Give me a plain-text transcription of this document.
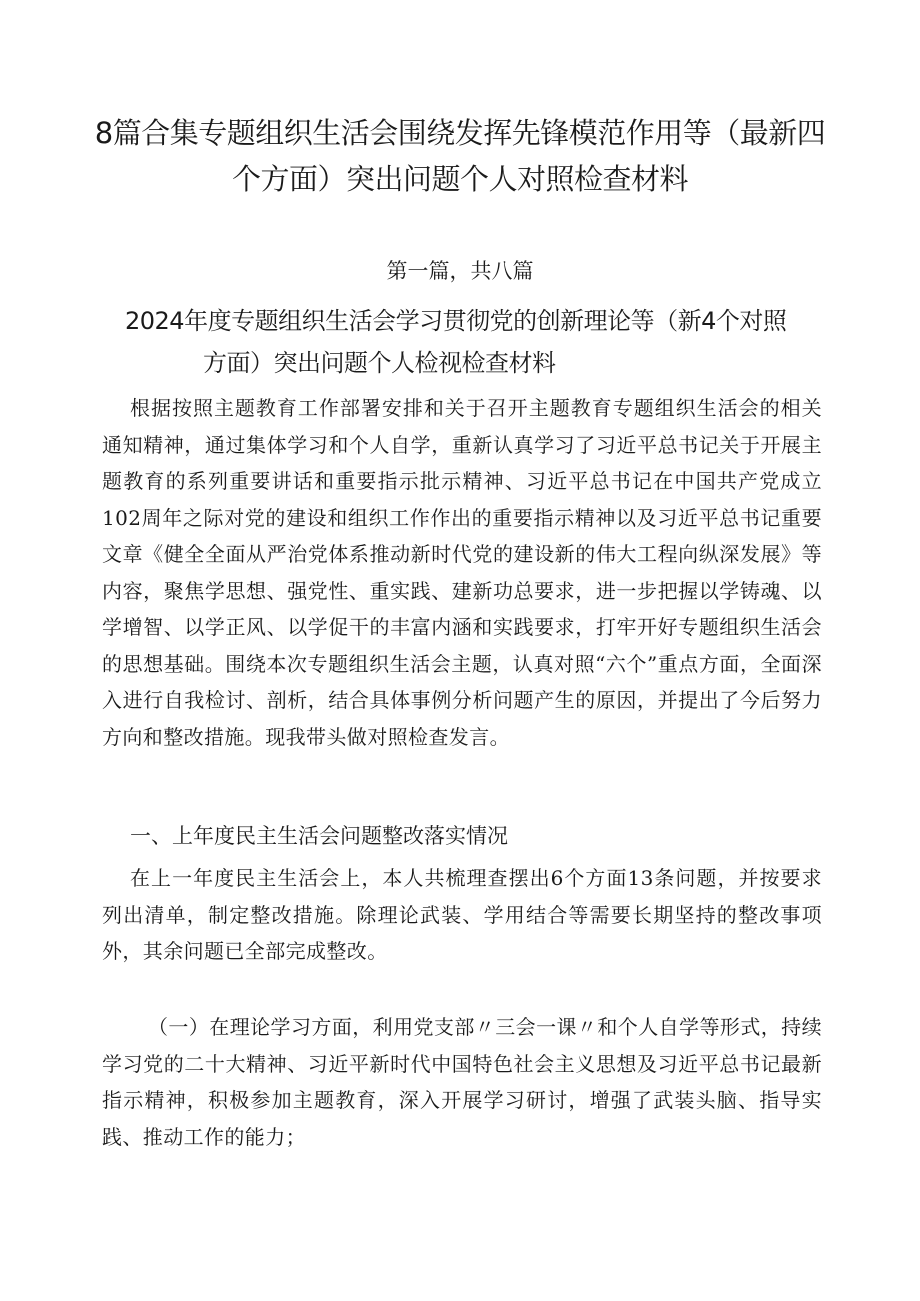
8篇合集专题组织生活会围绕发挥先锋模范作用等（最新四个方面）突出问题个人对照检查材料

第一篇，共八篇

2024年度专题组织生活会学习贯彻党的创新理论等（新4个对照
方面）突出问题个人检视检查材料

根据按照主题教育工作部署安排和关于召开主题教育专题组织生活会的相关通知精神，通过集体学习和个人自学，重新认真学习了习近平总书记关于开展主题教育的系列重要讲话和重要指示批示精神、习近平总书记在中国共产党成立102周年之际对党的建设和组织工作作出的重要指示精神以及习近平总书记重要文章《健全全面从严治党体系推动新时代党的建设新的伟大工程向纵深发展》等内容，聚焦学思想、强党性、重实践、建新功总要求，进一步把握以学铸魂、以学增智、以学正风、以学促干的丰富内涵和实践要求，打牢开好专题组织生活会的思想基础。围绕本次专题组织生活会主题，认真对照“六个”重点方面，全面深入进行自我检讨、剖析，结合具体事例分析问题产生的原因，并提出了今后努力方向和整改措施。现我带头做对照检查发言。

一、上年度民主生活会问题整改落实情况

在上一年度民主生活会上，本人共梳理查摆出6个方面13条问题，并按要求列出清单，制定整改措施。除理论武装、学用结合等需要长期坚持的整改事项外，其余问题已全部完成整改。

（一）在理论学习方面，利用党支部〃三会一课〃和个人自学等形式，持续学习党的二十大精神、习近平新时代中国特色社会主义思想及习近平总书记最新指示精神，积极参加主题教育，深入开展学习研讨，增强了武装头脑、指导实践、推动工作的能力；
